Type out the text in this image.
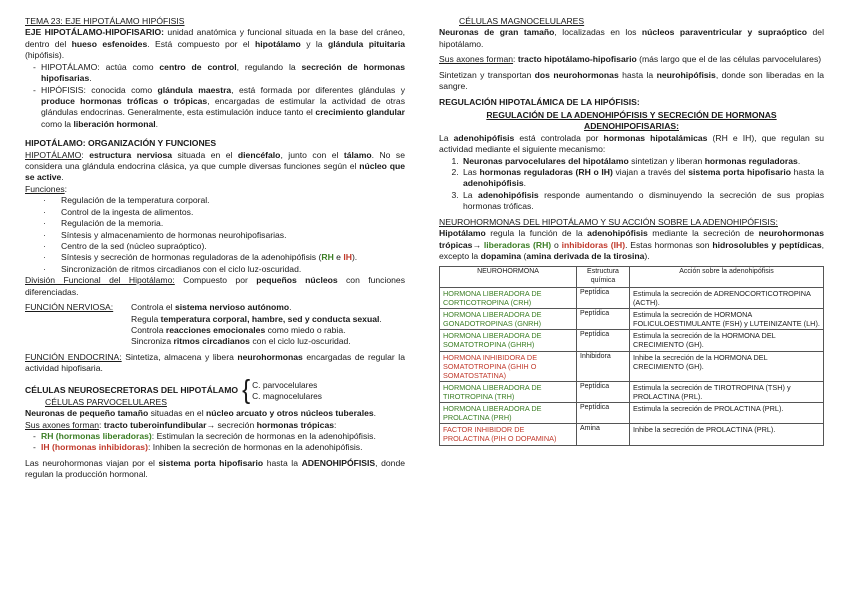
TEMA 23: EJE HIPOTÁLAMO HIPÓFISIS

EJE HIPOTÁLAMO-HIPOFISARIO: unidad anatómica y funcional situada en la base del cráneo, dentro del hueso esfenoides. Está compuesto por el hipotálamo y la glándula pituitaria (hipófisis).

- HIPOTÁLAMO: actúa como centro de control, regulando la secreción de hormonas hipofisarias.
- HIPÓFISIS: conocida como glándula maestra, está formada por diferentes glándulas y produce hormonas tróficas o trópicas, encargadas de estimular la actividad de otras glándulas endocrinas. Generalmente, esta estimulación induce tanto el crecimiento glandular como la liberación hormonal.

HIPOTÁLAMO: ORGANIZACIÓN Y FUNCIONES

HIPOTÁLAMO: estructura nerviosa situada en el diencéfalo, junto con el tálamo. No se considera una glándula endocrina clásica, ya que cumple diversas funciones según el núcleo que se active.

Funciones:

· Regulación de la temperatura corporal.
· Control de la ingesta de alimentos.
· Regulación de la memoria.
· Síntesis y almacenamiento de hormonas neurohipofisarias.
· Centro de la sed (núcleo supraóptico).
· Síntesis y secreción de hormonas reguladoras de la adenohipófisis (RH e IH).
· Sincronización de ritmos circadianos con el ciclo luz-oscuridad.

División Funcional del Hipotálamo: Compuesto por pequeños núcleos con funciones diferenciadas.

FUNCIÓN NERVIOSA:	Controla el sistema nervioso autónomo.

Regula temperatura corporal, hambre, sed y conducta sexual.

Controla reacciones emocionales como miedo o rabia.

Sincroniza ritmos circadianos con el ciclo luz-oscuridad.

FUNCIÓN ENDOCRINA: Sintetiza, almacena y libera neurohormonas encargadas de regular la actividad hipofisaria.

CÉLULAS NEUROSECRETORAS DEL HIPOTÁLAMO { C. parvocelulares
C. magnocelulares

CÉLULAS PARVOCELULARES

Neuronas de pequeño tamaño situadas en el núcleo arcuato y otros núcleos tuberales.

Sus axones forman: tracto tuberoinfundibular→ secreción hormonas trópicas:

- RH (hormonas liberadoras): Estimulan la secreción de hormonas en la adenohipófisis.
- IH (hormonas inhibidoras): Inhiben la secreción de hormonas en la adenohipófisis.

Las neurohormonas viajan por el sistema porta hipofisario hasta la ADENOHIPÓFISIS, donde regulan la producción hormonal.

CÉLULAS MAGNOCELULARES

Neuronas de gran tamaño, localizadas en los núcleos paraventricular y supraóptico del hipotálamo.

Sus axones forman: tracto hipotálamo-hipofisario (más largo que el de las células parvocelulares)

Sintetizan y transportan dos neurohormonas hasta la neurohipófisis, donde son liberadas en la sangre.

REGULACIÓN HIPOTALÁMICA DE LA HIPÓFISIS:

REGULACIÓN DE LA ADENOHIPÓFISIS Y SECRECIÓN DE HORMONAS ADENOHIPOFISARIAS:

La adenohipófisis está controlada por hormonas hipotalámicas (RH e IH), que regulan su actividad mediante el siguiente mecanismo:

1. Neuronas parvocelulares del hipotálamo sintetizan y liberan hormonas reguladoras.
2. Las hormonas reguladoras (RH o IH) viajan a través del sistema porta hipofisario hasta la adenohipófisis.
3. La adenohipófisis responde aumentando o disminuyendo la secreción de sus propias hormonas tróficas.

NEUROHORMONAS DEL HIPOTÁLAMO Y SU ACCIÓN SOBRE LA ADENOHIPÓFISIS:

Hipotálamo regula la función de la adenohipófisis mediante la secreción de neurohormonas trópicas→ liberadoras (RH) o inhibidoras (IH). Estas hormonas son hidrosolubles y peptídicas, excepto la dopamina (amina derivada de la tirosina).

NEUROHORMONA	Estructura química	Acción sobre la adenohipófisis
HORMONA LIBERADORA DE CORTICOTROPINA (CRH)	Peptídica	Estimula la secreción de ADRENOCORTICOTROPINA (ACTH).
HORMONA LIBERADORA DE GONADOTROPINAS (GNRH)	Peptídica	Estimula la secreción de HORMONA FOLICULOESTIMULANTE (FSH) y LUTEINIZANTE (LH).
HORMONA LIBERADORA DE SOMATOTROPINA (GHRH)	Peptídica	Estimula la secreción de la HORMONA DEL CRECIMIENTO (GH).
HORMONA INHIBIDORA DE SOMATOTROPINA (GHIH O SOMATOSTATINA)	Inhibidora	Inhibe la secreción de la HORMONA DEL CRECIMIENTO (GH).
HORMONA LIBERADORA DE TIROTROPINA (TRH)	Peptídica	Estimula la secreción de TIROTROPINA (TSH) y PROLACTINA (PRL).
HORMONA LIBERADORA DE PROLACTINA (PRH)	Peptídica	Estimula la secreción de PROLACTINA (PRL).
FACTOR INHIBIDOR DE PROLACTINA (PIH O DOPAMINA)	Amina	Inhibe la secreción de PROLACTINA (PRL).
